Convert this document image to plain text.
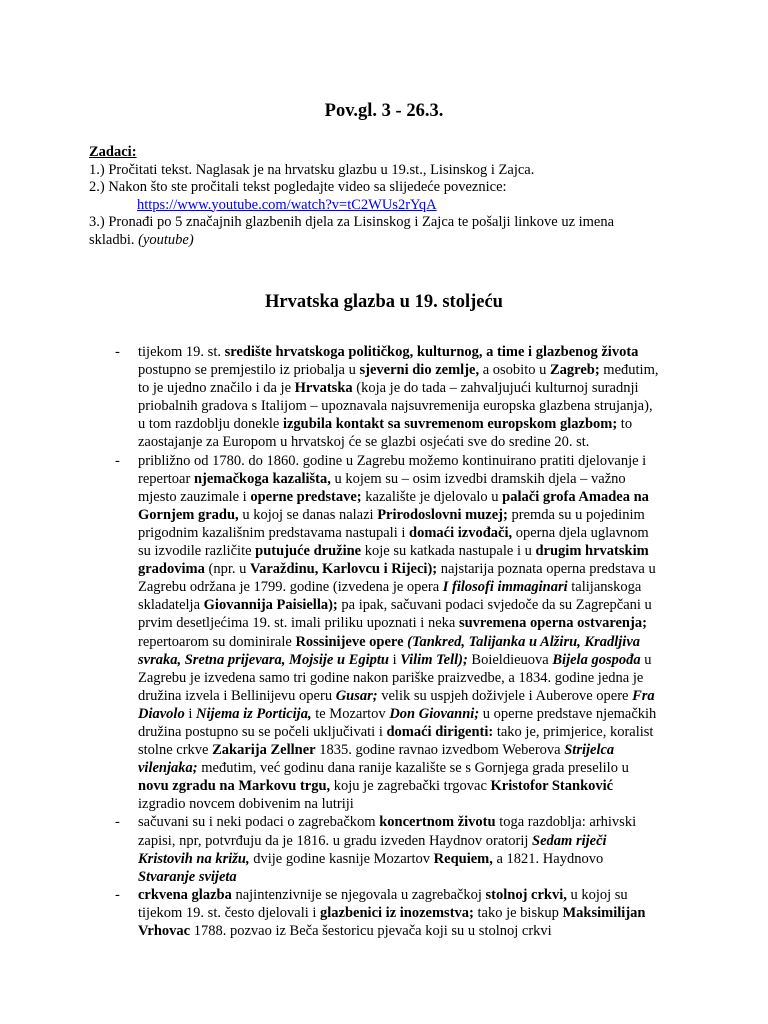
Pov.gl. 3 - 26.3.
Zadaci:
1.) Pročitati tekst. Naglasak je na hrvatsku glazbu u 19.st., Lisinskog i Zajca.
2.) Nakon što ste pročitali tekst pogledajte video sa slijedeće poveznice:
https://www.youtube.com/watch?v=tC2WUs2rYqA
3.) Pronađi po 5 značajnih glazbenih djela za Lisinskog i Zajca te pošalji linkove uz imena
skladbi. (youtube)
Hrvatska glazba u 19. stoljeću
- tijekom 19. st. središte hrvatskoga političkog, kulturnog, a time i glazbenog života postupno se premjestilo iz priobalja u sjeverni dio zemlje, a osobito u Zagreb; međutim, to je ujedno značilo i da je Hrvatska (koja je do tada – zahvaljujući kulturnoj suradnji priobalnih gradova s Italijom – upoznavala najsuvremenija europska glazbena strujanja), u tom razdoblju donekle izgubila kontakt sa suvremenom europskom glazbom; to zaostajanje za Europom u hrvatskoj će se glazbi osjećati sve do sredine 20. st.
- približno od 1780. do 1860. godine u Zagrebu možemo kontinuirano pratiti djelovanje i repertoar njemačkoga kazališta, u kojem su – osim izvedbi dramskih djela – važno mjesto zauzimale i operne predstave; kazalište je djelovalo u palači grofa Amadea na Gornjem gradu, u kojoj se danas nalazi Prirodoslovni muzej; premda su u pojedinim prigodnim kazališnim predstavama nastupali i domaći izvođači, operna djela uglavnom su izvodile različite putujuće družine koje su katkada nastupale i u drugim hrvatskim gradovima (npr. u Varaždinu, Karlovcu i Rijeci); najstarija poznata operna predstava u Zagrebu održana je 1799. godine (izvedena je opera I filosofi immaginari talijanskoga skladatelja Giovannija Paisiella); pa ipak, sačuvani podaci svjedoče da su Zagrepčani u prvim desetljećima 19. st. imali priliku upoznati i neka suvremena operna ostvarenja; repertoarom su dominirale Rossinijeve opere (Tankred, Talijanka u Alžiru, Kradljiva svraka, Sretna prijevara, Mojsije u Egiptu i Vilim Tell); Boieldieuova Bijela gospođa u Zagrebu je izvedena samo tri godine nakon pariške praizvedbe, a 1834. godine jedna je družina izvela i Bellinijevu operu Gusar; velik su uspjeh doživjele i Auberove opere Fra Diavolo i Nijema iz Porticija, te Mozartov Don Giovanni; u operne predstave njemačkih družina postupno su se počeli uključivati i domaći dirigenti: tako je, primjerice, koralist stolne crkve Zakarija Zellner 1835. godine ravnao izvedbom Weberova Strijelca vilenjaka; međutim, već godinu dana ranije kazalište se s Gornjega grada preselilo u novu zgradu na Markovu trgu, koju je zagrebački trgovac Kristofor Stanković izgradio novcem dobivenim na lutriji
- sačuvani su i neki podaci o zagrebačkom koncertnom životu toga razdoblja: arhivski zapisi, npr, potvrđuju da je 1816. u gradu izveden Haydnov oratorij Sedam riječi Kristovih na križu, dvije godine kasnije Mozartov Requiem, a 1821. Haydnovo Stvaranje svijeta
- crkvena glazba najintenzivnije se njegovala u zagrebačkoj stolnoj crkvi, u kojoj su tijekom 19. st. često djelovali i glazbenici iz inozemstva; tako je biskup Maksimilijan Vrhovac 1788. pozvao iz Beča šestoricu pjevača koji su u stolnoj crkvi
